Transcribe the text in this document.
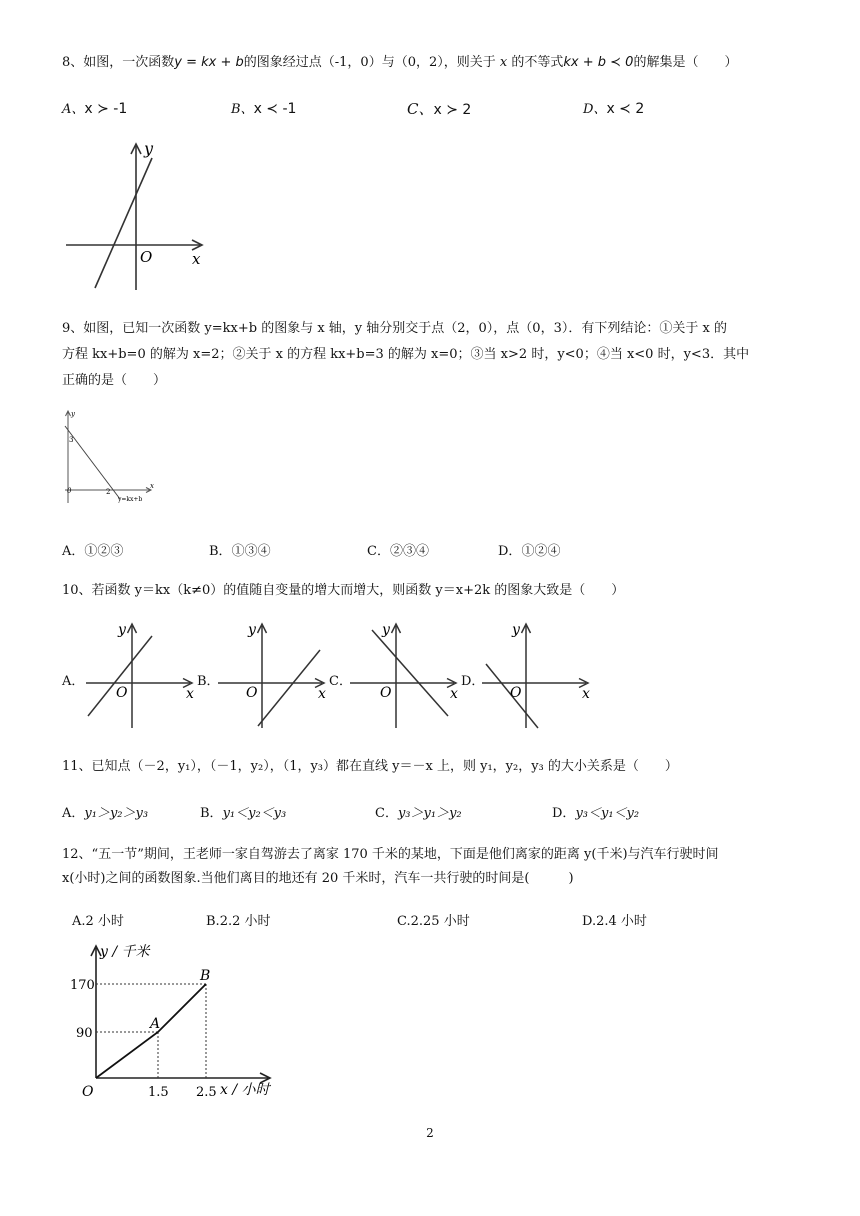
8、如图，一次函数y = kx + b的图象经过点（-1，0）与（0，2），则关于 x 的不等式kx + b ≺ 0的解集是（　　）
A、x ≻ -1	B、x ≺ -1	C、x ≻ 2	D、x ≺ 2
y
x
O
9、如图，已知一次函数 y=kx+b 的图象与 x 轴，y 轴分别交于点（2，0），点（0，3）．有下列结论：①关于 x 的
方程 kx+b=0 的解为 x=2；②关于 x 的方程 kx+b=3 的解为 x=0；③当 x>2 时，y<0；④当 x<0 时，y<3．其中
正确的是（　　）
y
x
0
3
2
y=kx+b
A．①②③	B．①③④	C．②③④	D．①②④
10、若函数 y＝kx（k≠0）的值随自变量的增大而增大，则函数 y＝x+2k 的图象大致是（　　）
A．
y
x
O
B．
y
x
O
C．
y
x
O
D．
y
x
O
11、已知点（－2，y₁），（－1，y₂），（1，y₃）都在直线 y＝－x 上，则 y₁，y₂，y₃ 的大小关系是（　　）
A．y₁＞y₂＞y₃	B．y₁＜y₂＜y₃	C．y₃＞y₁＞y₂	D．y₃＜y₁＜y₂
12、“五一节”期间，王老师一家自驾游去了离家 170 千米的某地，下面是他们离家的距离 y(千米)与汽车行驶时间
x(小时)之间的函数图象.当他们离目的地还有 20 千米时，汽车一共行驶的时间是(　　　)
A.2 小时	B.2.2 小时	C.2.25 小时	D.2.4 小时
y / 千米
x / 小时
O
170
90
1.5 2.5
A
B
2
